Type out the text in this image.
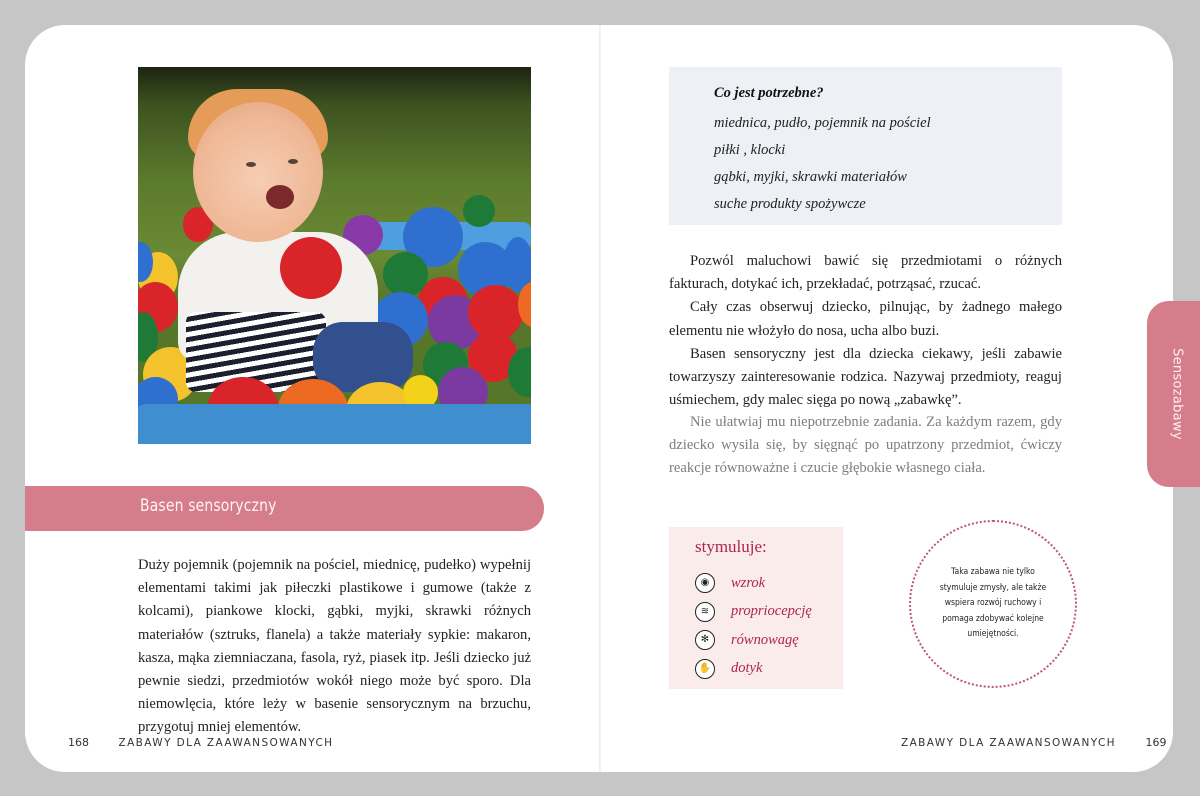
Basen sensoryczny

Duży pojemnik (pojemnik na pościel, miednicę, pudełko) wypełnij elementami takimi jak piłeczki plastikowe i gumowe (także z kolcami), piankowe klocki, gąbki, myjki, skrawki różnych materiałów (sztruks, flanela) a także materiały sypkie: makaron, kasza, mąka ziemniaczana, fasola, ryż, piasek itp. Jeśli dziecko już pewnie siedzi, przedmiotów wokół niego może być sporo. Dla niemowlęcia, które leży w basenie sensorycznym na brzuchu, przygotuj mniej elementów.

168	ZABAWY DLA ZAAWANSOWANYCH

Co jest potrzebne?

miednica, pudło, pojemnik na pościel

piłki , klocki

gąbki, myjki, skrawki materiałów

suche produkty spożywcze

Pozwól maluchowi bawić się przedmiotami o różnych fakturach, dotykać ich, przekładać, potrząsać, rzucać.

Cały czas obserwuj dziecko, pilnując, by żadnego małego elementu nie włożyło do nosa, ucha albo buzi.

Basen sensoryczny jest dla dziecka ciekawy, jeśli zabawie towarzyszy zainteresowanie rodzica. Nazywaj przedmioty, reaguj uśmiechem, gdy malec sięga po nową „zabawkę”.

Nie ułatwiaj mu niepotrzebnie zadania. Za każdym razem, gdy dziecko wysila się, by sięgnąć po upatrzony przedmiot, ćwiczy reakcje równoważne i czucie głębokie własnego ciała.

stymuluje:

◉	wzrok
≋	propriocepcję
✻	równowagę
✋ dotyk
Taka zabawa nie tylko stymuluje zmysły, ale także wspiera rozwój ruchowy i pomaga zdobywać kolejne umiejętności.
Sensozabawy
ZABAWY DLA ZAAWANSOWANYCH	169
